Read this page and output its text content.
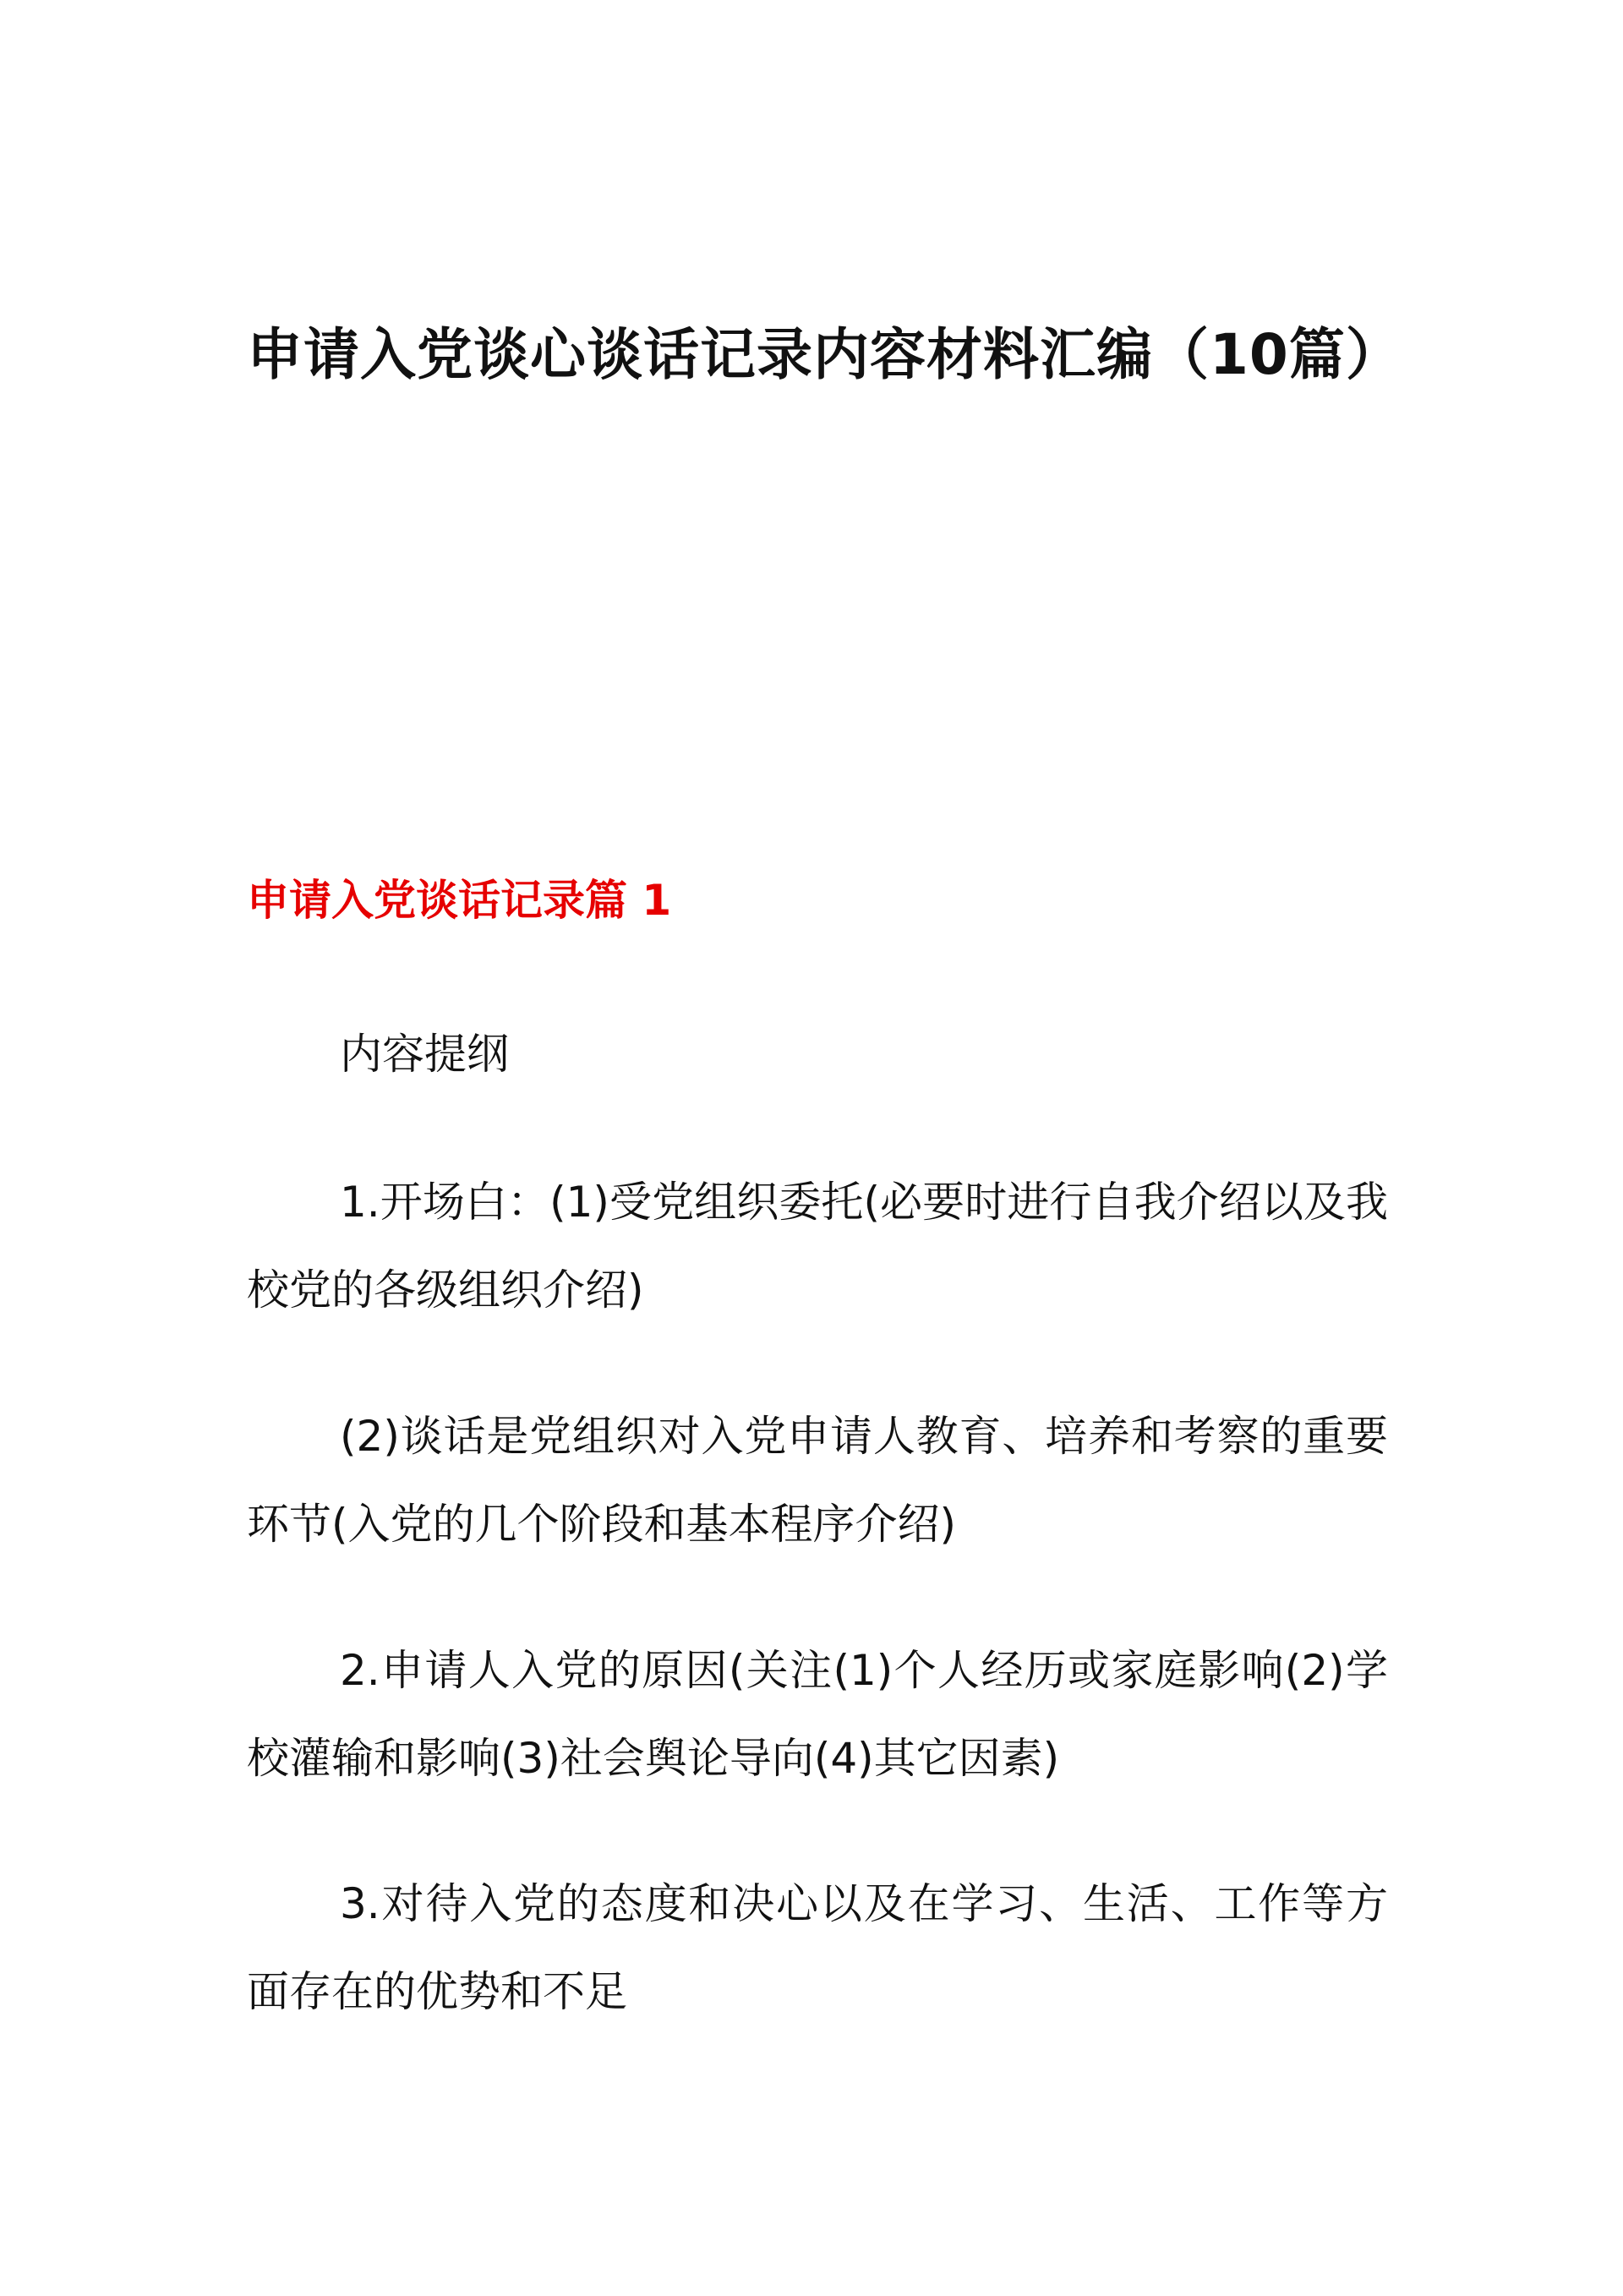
申请入党谈心谈话记录内容材料汇编（10篇）
申请入党谈话记录篇 1

内容提纲

1.开场白：(1)受党组织委托(必要时进行自我介绍以及我校党的各级组织介绍)

(2)谈话是党组织对入党申请人教育、培养和考察的重要环节(入党的几个阶段和基本程序介绍)

2.申请人入党的原因(关注(1)个人经历或家庭影响(2)学校灌输和影响(3)社会舆论导向(4)其它因素)

3.对待入党的态度和决心以及在学习、生活、工作等方面存在的优势和不足
